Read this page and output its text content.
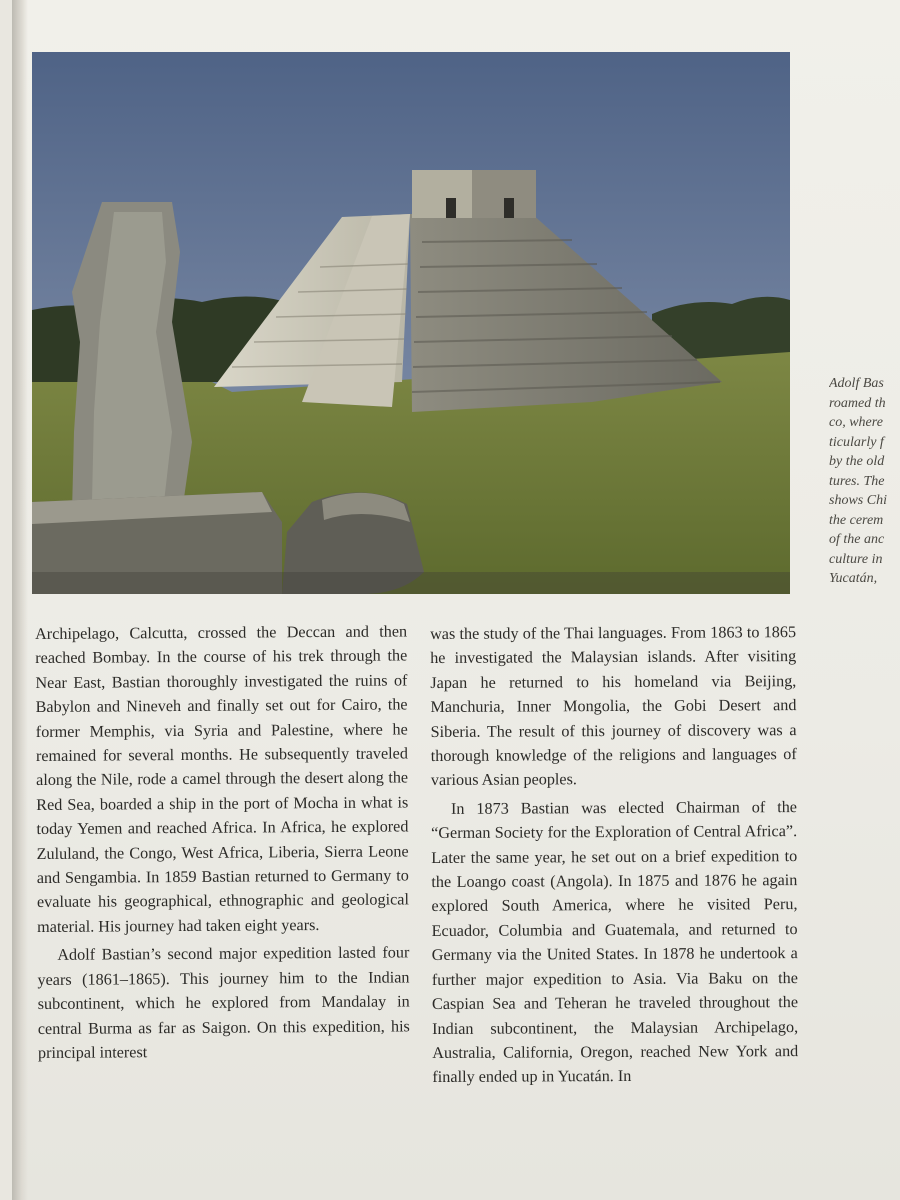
Adolf Bas
roamed th
co, where
ticularly f
by the old
tures. The
shows Chi
the cerem
of the anc
culture in
Yucatán,

Archipelago, Calcutta, crossed the Deccan and then reached Bombay. In the course of his trek through the Near East, Bastian thoroughly investigated the ruins of Babylon and Nineveh and finally set out for Cairo, the former Memphis, via Syria and Palestine, where he remained for several months. He subsequently traveled along the Nile, rode a camel through the desert along the Red Sea, boarded a ship in the port of Mocha in what is today Yemen and reached Africa. In Africa, he explored Zululand, the Congo, West Africa, Liberia, Sierra Leone and Sengambia. In 1859 Bastian returned to Germany to evaluate his geographical, ethnographic and geological material. His journey had taken eight years.

Adolf Bastian’s second major expedition lasted four years (1861–1865). This journey him to the Indian subcontinent, which he explored from Mandalay in central Burma as far as Saigon. On this expedition, his principal interest

was the study of the Thai languages. From 1863 to 1865 he investigated the Malaysian islands. After visiting Japan he returned to his homeland via Beijing, Manchuria, Inner Mongolia, the Gobi Desert and Siberia. The result of this journey of discovery was a thorough knowledge of the religions and languages of various Asian peoples.

In 1873 Bastian was elected Chairman of the “German Society for the Exploration of Central Africa”. Later the same year, he set out on a brief expedition to the Loango coast (Angola). In 1875 and 1876 he again explored South America, where he visited Peru, Ecuador, Columbia and Guatemala, and returned to Germany via the United States. In 1878 he undertook a further major expedition to Asia. Via Baku on the Caspian Sea and Teheran he traveled throughout the Indian subcontinent, the Malaysian Archipelago, Australia, California, Oregon, reached New York and finally ended up in Yucatán. In
